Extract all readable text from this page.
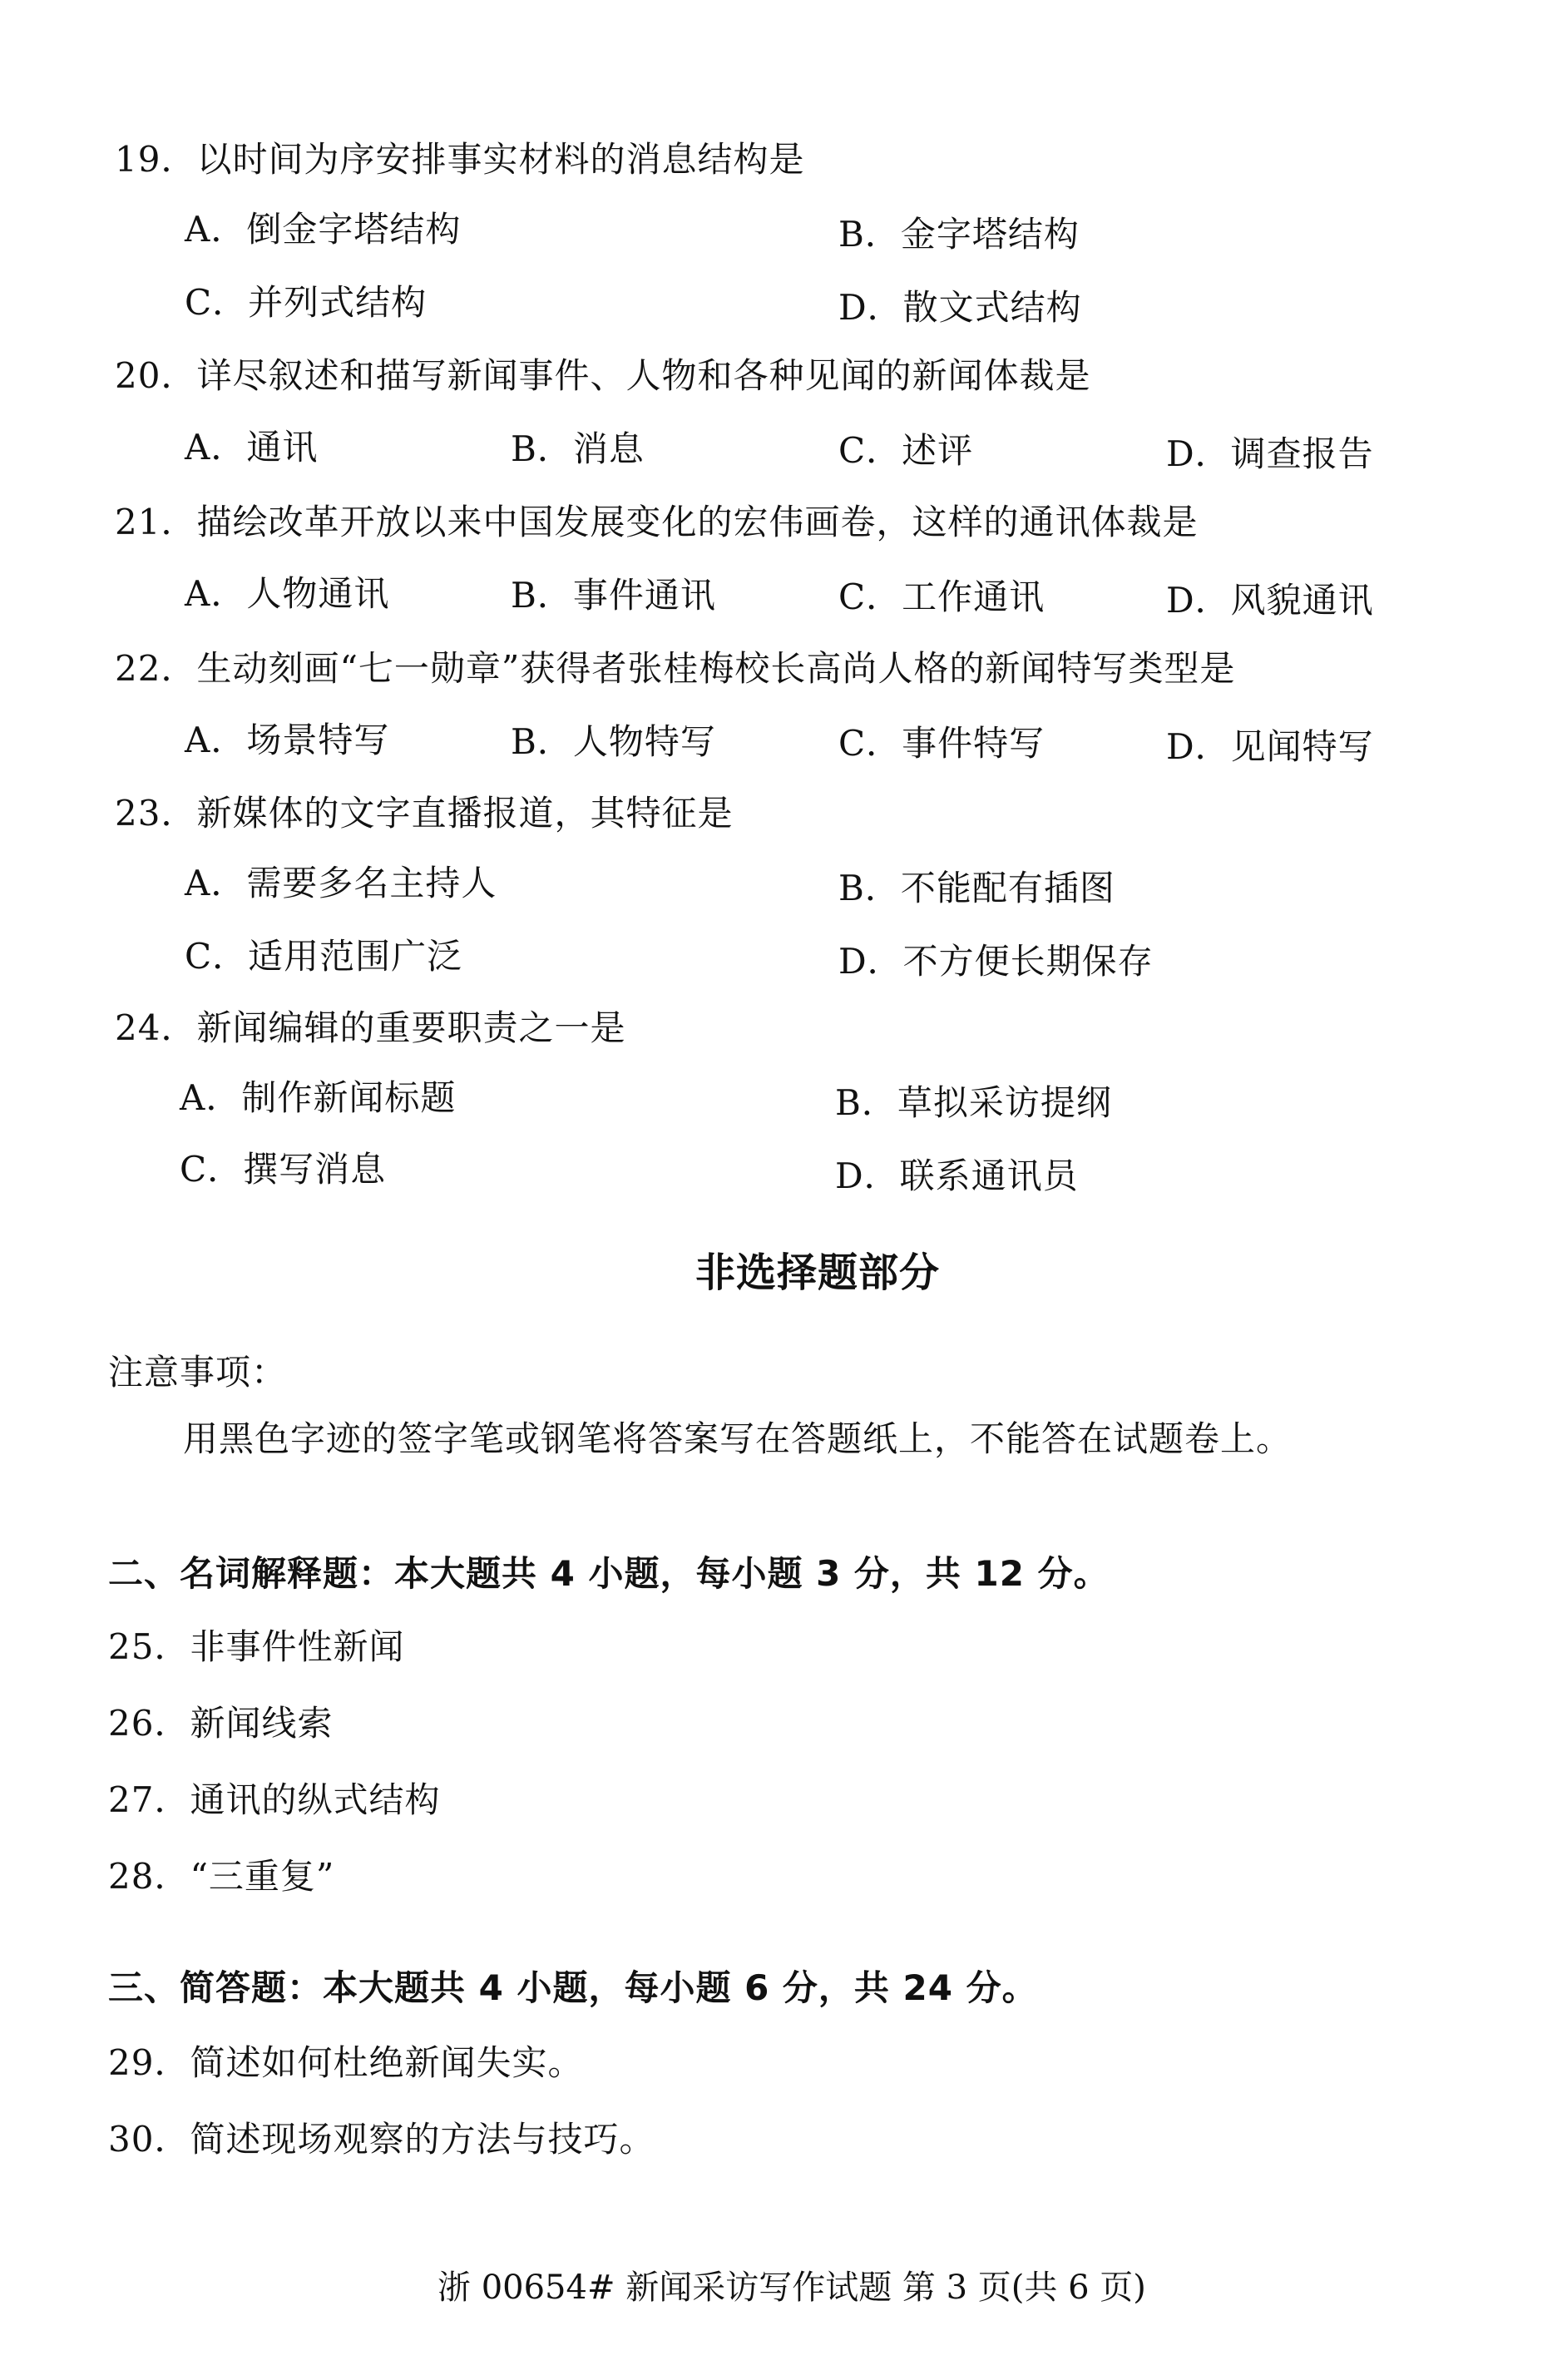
19．以时间为序安排事实材料的消息结构是
A．倒金字塔结构	B．金字塔结构
C．并列式结构	D．散文式结构
20．详尽叙述和描写新闻事件、人物和各种见闻的新闻体裁是
A．通讯	B．消息	C．述评	D．调查报告
21．描绘改革开放以来中国发展变化的宏伟画卷，这样的通讯体裁是
A．人物通讯	B．事件通讯	C．工作通讯	D．风貌通讯
22．生动刻画“七一勋章”获得者张桂梅校长高尚人格的新闻特写类型是
A．场景特写	B．人物特写	C．事件特写	D．见闻特写
23．新媒体的文字直播报道，其特征是
A．需要多名主持人	B．不能配有插图
C．适用范围广泛	D．不方便长期保存
24．新闻编辑的重要职责之一是
A．制作新闻标题	B．草拟采访提纲
C．撰写消息	D．联系通讯员
非选择题部分
注意事项：
用黑色字迹的签字笔或钢笔将答案写在答题纸上，不能答在试题卷上。
二、名词解释题：本大题共 4 小题，每小题 3 分，共 12 分。
25．非事件性新闻
26．新闻线索
27．通讯的纵式结构
28．“三重复”
三、简答题：本大题共 4 小题，每小题 6 分，共 24 分。
29．简述如何杜绝新闻失实。
30．简述现场观察的方法与技巧。
浙 00654# 新闻采访写作试题 第 3 页(共 6 页)
